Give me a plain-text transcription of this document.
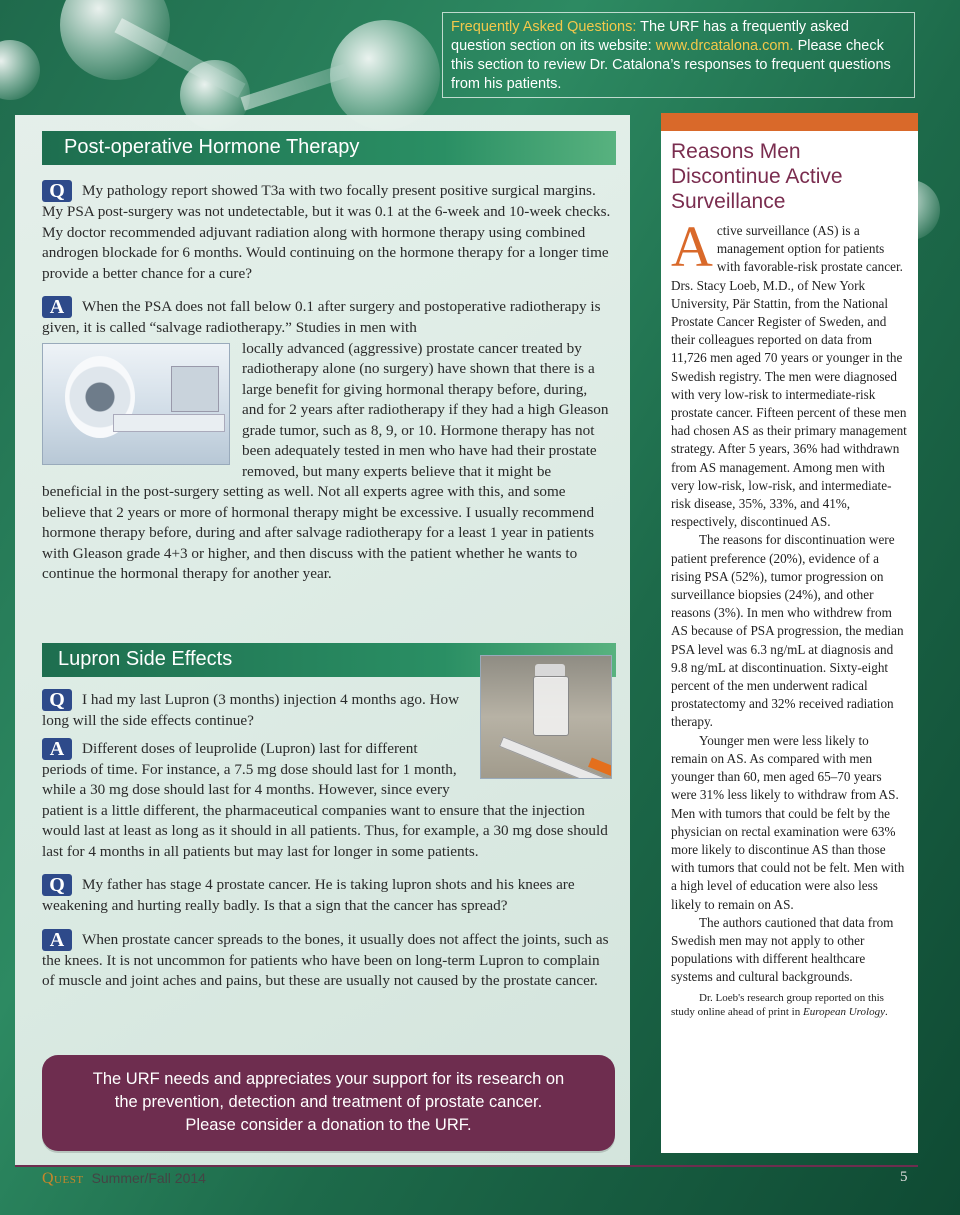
Frequently Asked Questions: The URF has a frequently asked question section on its website: www.drcatalona.com. Please check this section to review Dr. Catalona’s responses to frequent questions from his patients.
Post-operative Hormone Therapy

Q My pathology report showed T3a with two focally present positive surgical margins. My PSA post-surgery was not undetectable, but it was 0.1 at the 6-week and 10-week checks. My doctor recommended adjuvant radiation along with hormone therapy using combined androgen blockade for 6 months. Would continuing on the hormone therapy for a longer time provide a better chance for a cure?

A When the PSA does not fall below 0.1 after surgery and postoperative radiotherapy is given, it is called “salvage radiotherapy.” Studies in men with

locally advanced (aggressive) prostate cancer treated by radiotherapy alone (no surgery) have shown that there is a large benefit for giving hormonal therapy before, during, and for 2 years after radiotherapy if they had a high Gleason grade tumor, such as 8, 9, or 10. Hormone therapy has not been adequately tested in men who have had their prostate removed, but many experts believe that it might be beneficial in the post-surgery setting as well. Not all experts agree with this, and some believe that 2 years or more of hormonal therapy might be excessive. I usually recommend hormone therapy before, during and after salvage radiotherapy for a least 1 year in patients with Gleason grade 4+3 or higher, and then discuss with the patient whether he wants to continue the hormonal therapy for another year.

Lupron Side Effects

Q I had my last Lupron (3 months) injection 4 months ago. How long will the side effects continue?

A Different doses of leuprolide (Lupron) last for different periods of time. For instance, a 7.5 mg dose should last for 1 month, while a 30 mg dose should last for 4 months. However, since every patient is a little different, the pharmaceutical companies want to ensure that the injection would last at least as long as it should in all patients. Thus, for example, a 30 mg dose should last for 4 months in all patients but may last for longer in some patients.

Q My father has stage 4 prostate cancer. He is taking lupron shots and his knees are weakening and hurting really badly. Is that a sign that the cancer has spread?

A When prostate cancer spreads to the bones, it usually does not affect the joints, such as the knees. It is not uncommon for patients who have been on long-term Lupron to complain of muscle and joint aches and pains, but these are usually not caused by the prostate cancer.

The URF needs and appreciates your support for its research on
the prevention, detection and treatment of prostate cancer.
Please consider a donation to the URF.
Reasons Men Discontinue Active Surveillance

Active surveillance (AS) is a management option for patients with favorable-risk prostate cancer. Drs. Stacy Loeb, M.D., of New York University, Pär Stattin, from the National Prostate Cancer Register of Sweden, and their colleagues reported on data from 11,726 men aged 70 years or younger in the Swedish registry. The men were diagnosed with very low-risk to intermediate-risk prostate cancer. Fifteen percent of these men had chosen AS as their primary management strategy. After 5 years, 36% had withdrawn from AS management. Among men with very low-risk, low-risk, and intermediate-risk disease, 35%, 33%, and 41%, respectively, discontinued AS.

The reasons for discontinuation were patient preference (20%), evidence of a rising PSA (52%), tumor progression on surveillance biopsies (24%), and other reasons (3%). In men who withdrew from AS because of PSA progression, the median PSA level was 6.3 ng/mL at diagnosis and 9.8 ng/mL at discontinuation. Sixty-eight percent of the men underwent radical prostatectomy and 32% received radiation therapy.

Younger men were less likely to remain on AS. As compared with men younger than 60, men aged 65–70 years were 31% less likely to withdraw from AS. Men with tumors that could be felt by the physician on rectal examination were 63% more likely to discontinue AS than those with tumors that could not be felt. Men with a high level of education were also less likely to remain on AS.

The authors cautioned that data from Swedish men may not apply to other populations with different healthcare systems and cultural backgrounds.

Dr. Loeb's research group reported on this study online ahead of print in European Urology.
Quest Summer/Fall 2014	5
